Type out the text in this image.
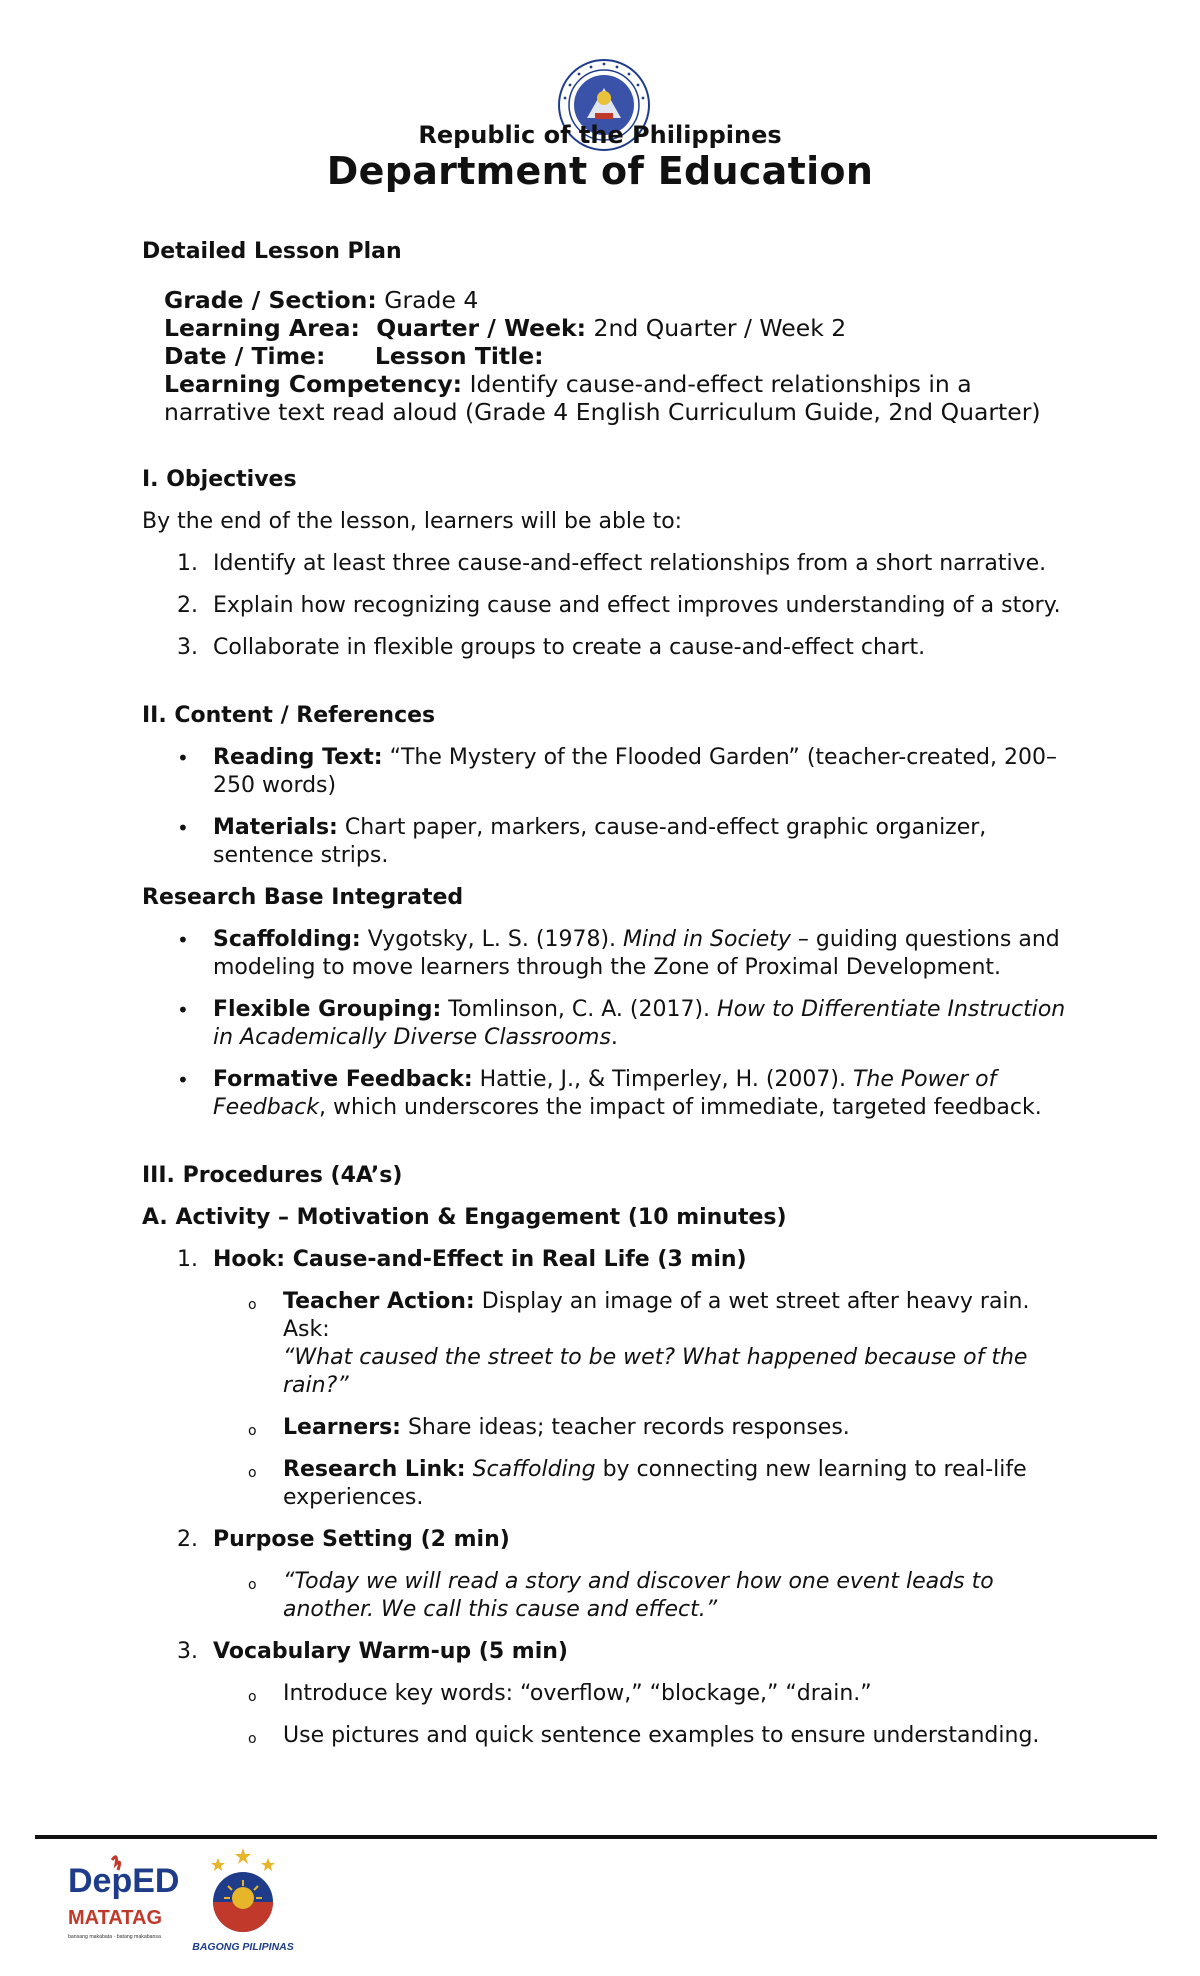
Republic of the Philippines
Department of Education

Detailed Lesson Plan

Grade / Section: Grade 4

Learning Area:  Quarter / Week: 2nd Quarter / Week 2

Date / Time: Lesson Title:

Learning Competency: Identify cause-and-effect relationships in a narrative text read aloud (Grade 4 English Curriculum Guide, 2nd Quarter)

I. Objectives

By the end of the lesson, learners will be able to:

1. Identify at least three cause-and-effect relationships from a short narrative.
2. Explain how recognizing cause and effect improves understanding of a story.
3. Collaborate in flexible groups to create a cause-and-effect chart.

II. Content / References

• Reading Text: “The Mystery of the Flooded Garden” (teacher-created, 200–250 words)
• Materials: Chart paper, markers, cause-and-effect graphic organizer, sentence strips.

Research Base Integrated

• Scaffolding: Vygotsky, L. S. (1978). Mind in Society – guiding questions and modeling to move learners through the Zone of Proximal Development.
• Flexible Grouping: Tomlinson, C. A. (2017). How to Differentiate Instruction in Academically Diverse Classrooms.
• Formative Feedback: Hattie, J., & Timperley, H. (2007). The Power of Feedback, which underscores the impact of immediate, targeted feedback.

III. Procedures (4A’s)

A. Activity – Motivation & Engagement (10 minutes)

1. Hook: Cause-and-Effect in Real Life (3 min)
o Teacher Action: Display an image of a wet street after heavy rain. Ask:

“What caused the street to be wet? What happened because of the rain?”

o Learners: Share ideas; teacher records responses.
o Research Link: Scaffolding by connecting new learning to real-life experiences.
2. Purpose Setting (2 min)
o “Today we will read a story and discover how one event leads to another. We call this cause and effect.”
3. Vocabulary Warm-up (5 min)
o Introduce key words: “overflow,” “blockage,” “drain.”
o Use pictures and quick sentence examples to ensure understanding.
DepED
MATATAG
bansang makabata · batang makabansa
BAGONG PILIPINAS
